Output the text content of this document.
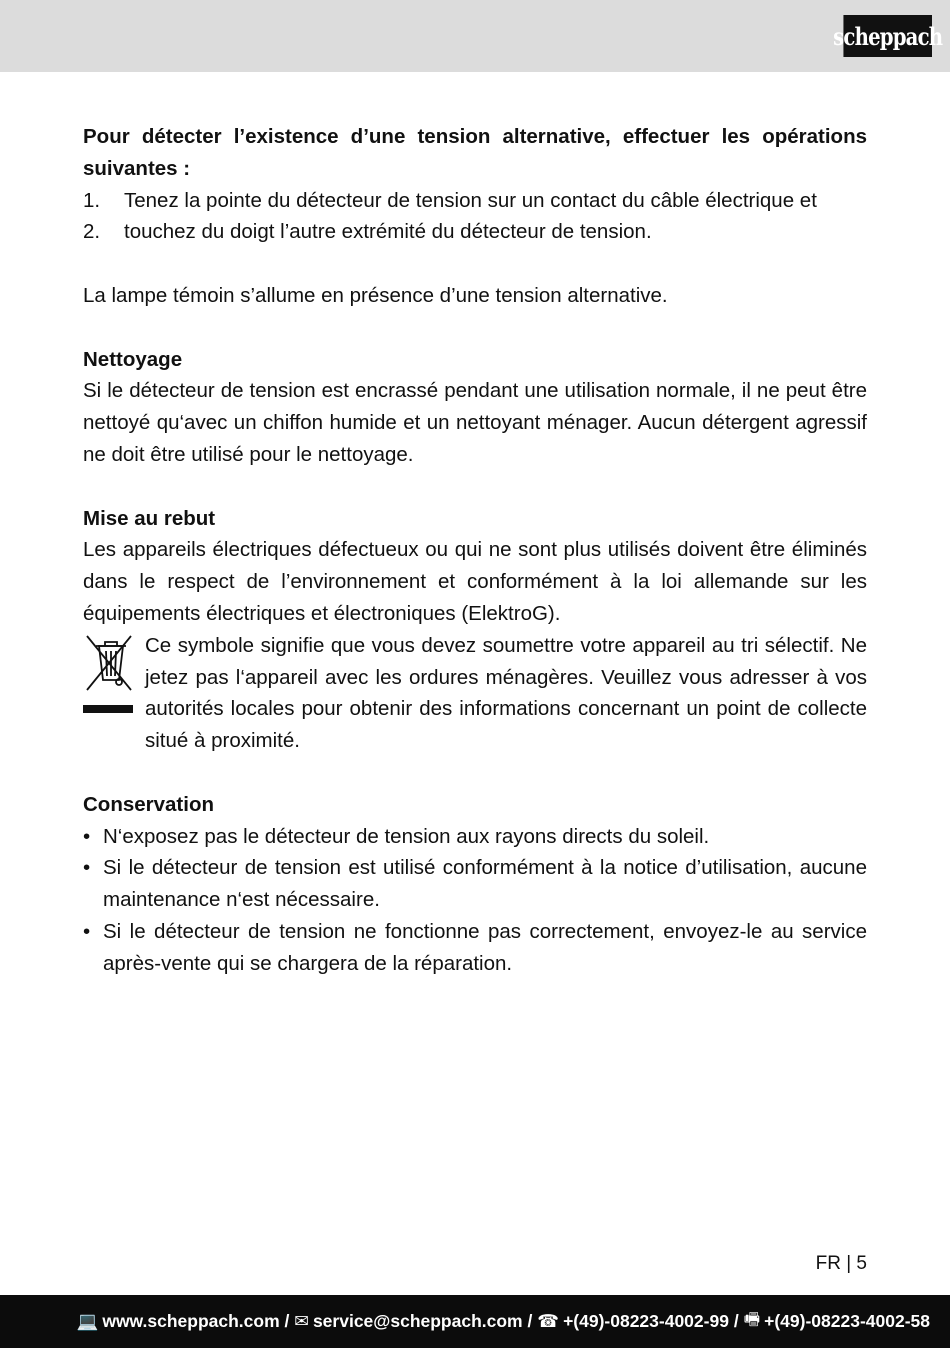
scheppach

Pour détecter l’existence d’une tension alternative, effectuer les opérations suivantes :

1. Tenez la pointe du détecteur de tension sur un contact du câble électrique et
2. touchez du doigt l’autre extrémité du détecteur de tension.

La lampe témoin s’allume en présence d’une tension alternative.

Nettoyage

Si le détecteur de tension est encrassé pendant une utilisation normale, il ne peut être nettoyé qu‘avec un chiffon humide et un nettoyant ménager. Aucun détergent agressif ne doit être utilisé pour le nettoyage.

Mise au rebut

Les appareils électriques défectueux ou qui ne sont plus utilisés doivent être éliminés dans le respect de l’environnement et conformément à la loi allemande sur les équipements électriques et électroniques (ElektroG).

Ce symbole signifie que vous devez soumettre votre appareil au tri sélectif. Ne jetez pas l‘appareil avec les ordures ménagères. Veuillez vous adresser à vos autorités locales pour obtenir des informations concernant un point de collecte situé à proximité.

Conservation

• N‘exposez pas le détecteur de tension aux rayons directs du soleil.
• Si le détecteur de tension est utilisé conformément à la notice d’utilisation, aucune maintenance n‘est nécessaire.
• Si le détecteur de tension ne fonctionne pas correctement, envoyez-le au service après-vente qui se chargera de la réparation.
FR | 5
💻 www.scheppach.com
/
✉ service@scheppach.com
/
☎ +(49)-08223-4002-99
/
🖷 +(49)-08223-4002-58
